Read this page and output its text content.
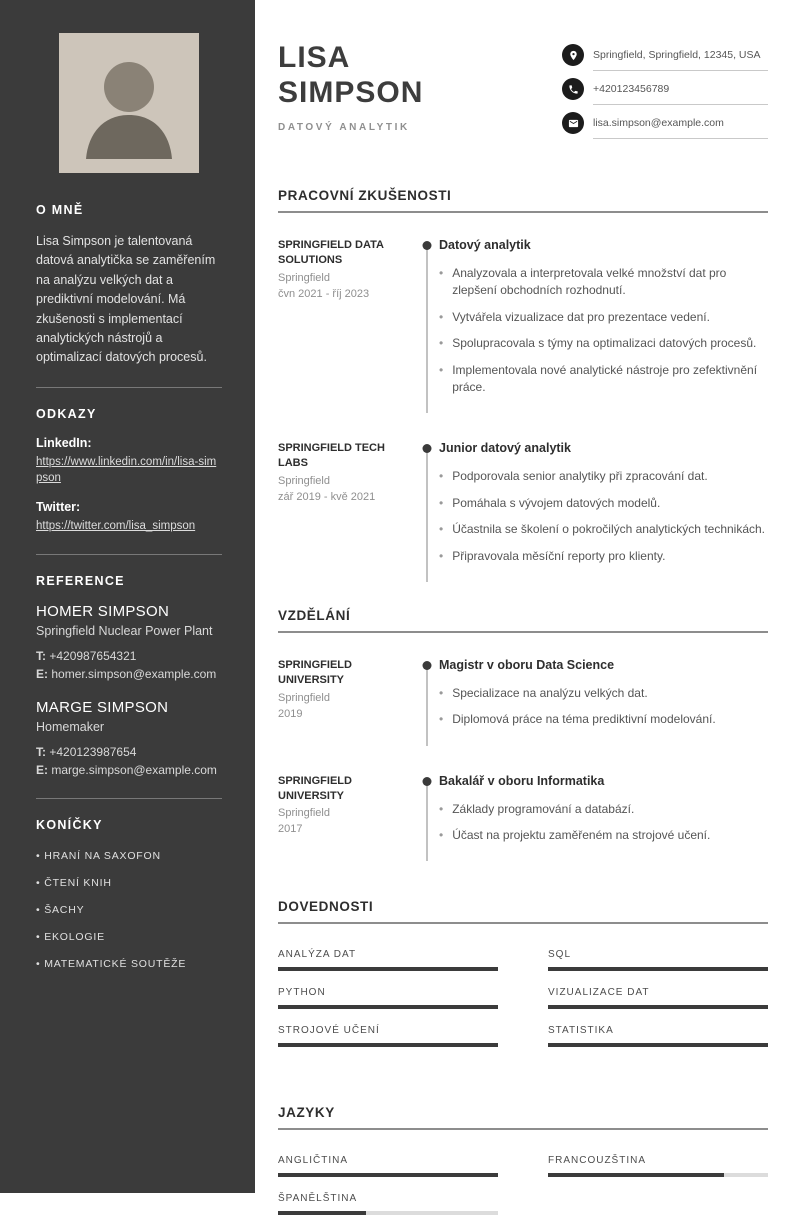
O MNĚ

Lisa Simpson je talentovaná datová analytička se zaměřením na analýzu velkých dat a prediktivní modelování. Má zkušenosti s implementací analytických nástrojů a optimalizací datových procesů.

ODKAZY
LinkedIn:
https://www.linkedin.com/in/lisa-simpson
Twitter:
https://twitter.com/lisa_simpson
REFERENCE
HOMER SIMPSON
Springfield Nuclear Power Plant
T: +420987654321
E: homer.simpson@example.com
MARGE SIMPSON
Homemaker
T: +420123987654
E: marge.simpson@example.com
KONÍČKY
• HRANÍ NA SAXOFON
• ČTENÍ KNIH
• ŠACHY
• EKOLOGIE
• MATEMATICKÉ SOUTĚŽE
LISA
SIMPSON
DATOVÝ ANALYTIK
Springfield, Springfield, 12345, USA
+420123456789
lisa.simpson@example.com
PRACOVNÍ ZKUŠENOSTI
SPRINGFIELD DATA SOLUTIONS
Springfield
čvn 2021 - říj 2023
Datový analytik
• Analyzovala a interpretovala velké množství dat pro zlepšení obchodních rozhodnutí.
• Vytvářela vizualizace dat pro prezentace vedení.
• Spolupracovala s týmy na optimalizaci datových procesů.
• Implementovala nové analytické nástroje pro zefektivnění práce.
SPRINGFIELD TECH LABS
Springfield
zář 2019 - kvě 2021
Junior datový analytik
• Podporovala senior analytiky při zpracování dat.
• Pomáhala s vývojem datových modelů.
• Účastnila se školení o pokročilých analytických technikách.
• Připravovala měsíční reporty pro klienty.
VZDĚLÁNÍ
SPRINGFIELD UNIVERSITY
Springfield
2019
Magistr v oboru Data Science
• Specializace na analýzu velkých dat.
• Diplomová práce na téma prediktivní modelování.
SPRINGFIELD UNIVERSITY
Springfield
2017
Bakalář v oboru Informatika
• Základy programování a databází.
• Účast na projektu zaměřeném na strojové učení.
DOVEDNOSTI
ANALÝZA DAT	SQL
PYTHON	VIZUALIZACE DAT
STROJOVÉ UČENÍ	STATISTIKA
JAZYKY
ANGLIČTINA	FRANCOUZŠTINA
ŠPANĚLŠTINA
